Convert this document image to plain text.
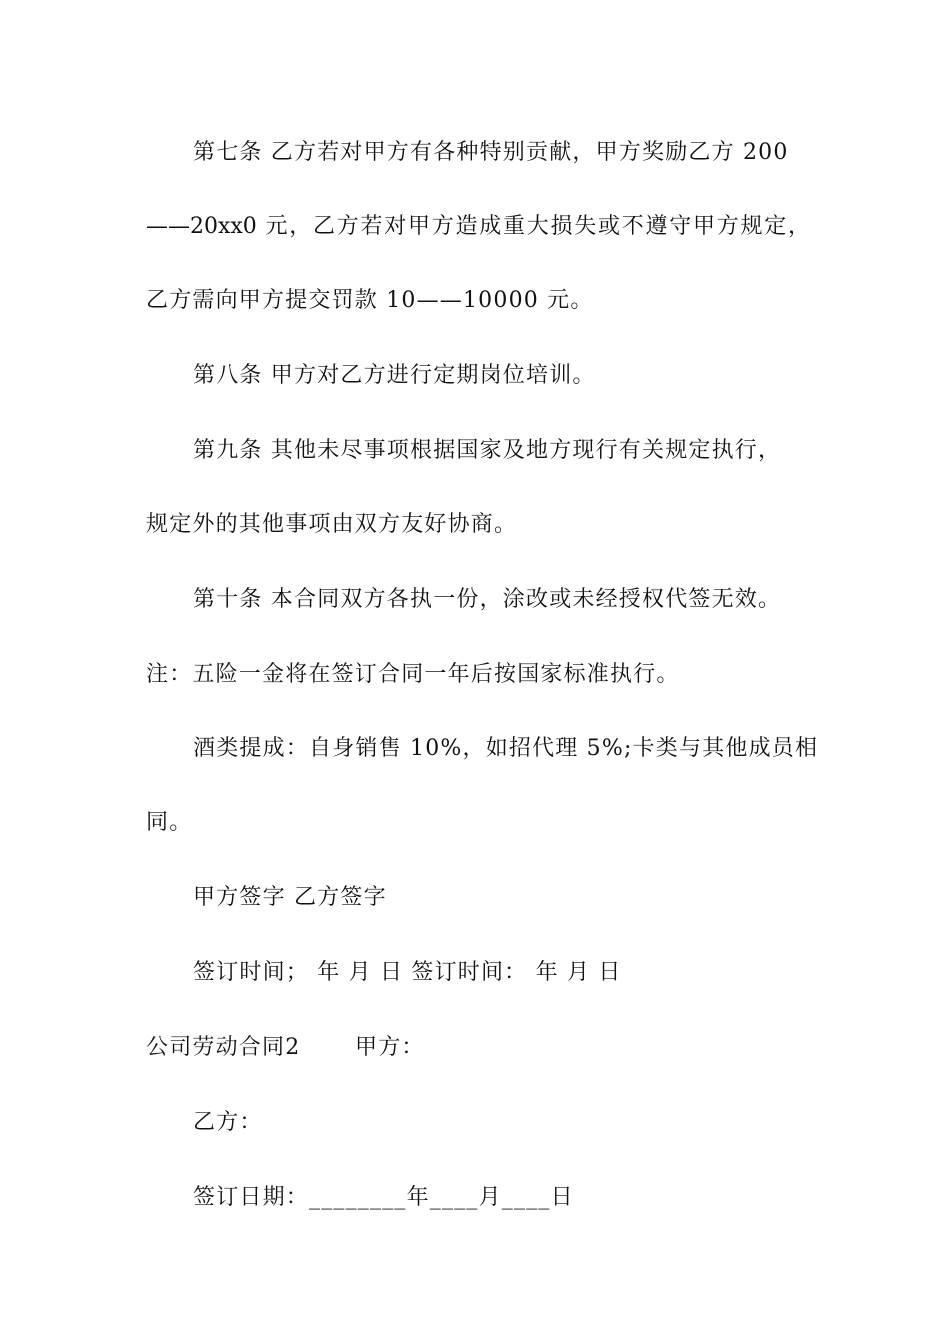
第七条 乙方若对甲方有各种特别贡献，甲方奖励乙方 200
——20xx0 元，乙方若对甲方造成重大损失或不遵守甲方规定，
乙方需向甲方提交罚款 10——10000 元。
第八条 甲方对乙方进行定期岗位培训。
第九条 其他未尽事项根据国家及地方现行有关规定执行，
规定外的其他事项由双方友好协商。
第十条 本合同双方各执一份，涂改或未经授权代签无效。
注：五险一金将在签订合同一年后按国家标准执行。
酒类提成：自身销售 10%，如招代理 5%;卡类与其他成员相
同。
甲方签字 乙方签字
签订时间； 年 月 日 签订时间： 年 月 日
公司劳动合同2 甲方：
乙方：
签订日期：________年____月____日
